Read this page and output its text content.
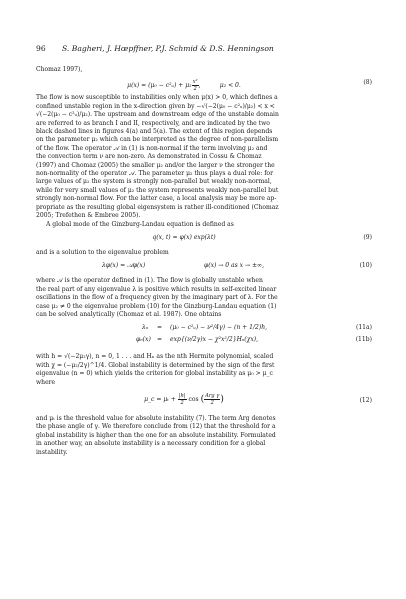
96 S. Bagheri, J. Hœpffner, P.J. Schmid & D.S. Henningson

Chomaz 1997),

μ(x) = (μ₀ − c²ᵤ) + $\mu_2 \frac{\text{x²}}{2}$ ,	μ₂ < 0.	(8)

The flow is now susceptible to instabilities only when μ(x) > 0, which defines a
confined unstable region in the x-direction given by −√(−2(μ₀ − c²ᵤ)/μ₂) < x <
√(−2(μ₀ − c²ᵤ)/μ₂). The upstream and downstream edge of the unstable domain
are referred to as branch I and II, respectively, and are indicated by the two
black dashed lines in figures 4(a) and 5(a). The extent of this region depends
on the parameter μ₂ which can be interpreted as the degree of non-parallelism
of the flow. The operator 𝒜 in (1) is non-normal if the term involving μ₂ and
the convection term ν are non-zero. As demonstrated in Cossu & Chomaz
(1997) and Chomaz (2005) the smaller μ₂ and/or the larger ν the stronger the
non-normality of the operator 𝒜. The parameter μ₂ thus plays a dual role: for
large values of μ₂ the system is strongly non-parallel but weakly non-normal,
while for very small values of μ₂ the system represents weakly non-parallel but
strongly non-normal flow. For the latter case, a local analysis may be more ap-
propriate as the resulting global eigensystem is rather ill-conditioned (Chomaz
2005; Trefethen & Embree 2005).

A global mode of the Ginzburg-Landau equation is defined as

q(x, t) = φ(x) exp(λt)	(9)

and is a solution to the eigenvalue problem

λφ(x) = 𝒜φ(x)	φ(x) → 0 as x → ±∞,	(10)

where 𝒜 is the operator defined in (1). The flow is globally unstable when
the real part of any eigenvalue λ is positive which results in self-excited linear
oscillations in the flow of a frequency given by the imaginary part of λ. For the
case μ₂ ≠ 0 the eigenvalue problem (10) for the Ginzburg-Landau equation (1)
can be solved analytically (Chomaz et al. 1987). One obtains

λₙ = (μ₀ − c²ᵤ) − ν²/4γ) − (n + 1/2)h,	(11a)
φₙ(x) = exp{(ν/2γ)x − χ²x²/2}Hₙ(χx),	(11b)

with h = √(−2μ₂γ), n = 0, 1 . . . and Hₙ as the nth Hermite polynomial, scaled
with χ = (−μ₂/2γ)^1/4. Global instability is determined by the sign of the first
eigenvalue (n = 0) which yields the criterion for global instability as μ₀ > μ_c
where

μ_c = $\mu_t + \frac{|h|}{2}$ cos ( $\frac{\text{Arg γ}}{2}$ )	(12)

and μₜ is the threshold value for absolute instability (7). The term Arg denotes
the phase angle of γ. We therefore conclude from (12) that the threshold for a
global instability is higher than the one for an absolute instability. Formulated
in another way, an absolute instability is a necessary condition for a global
instability.
